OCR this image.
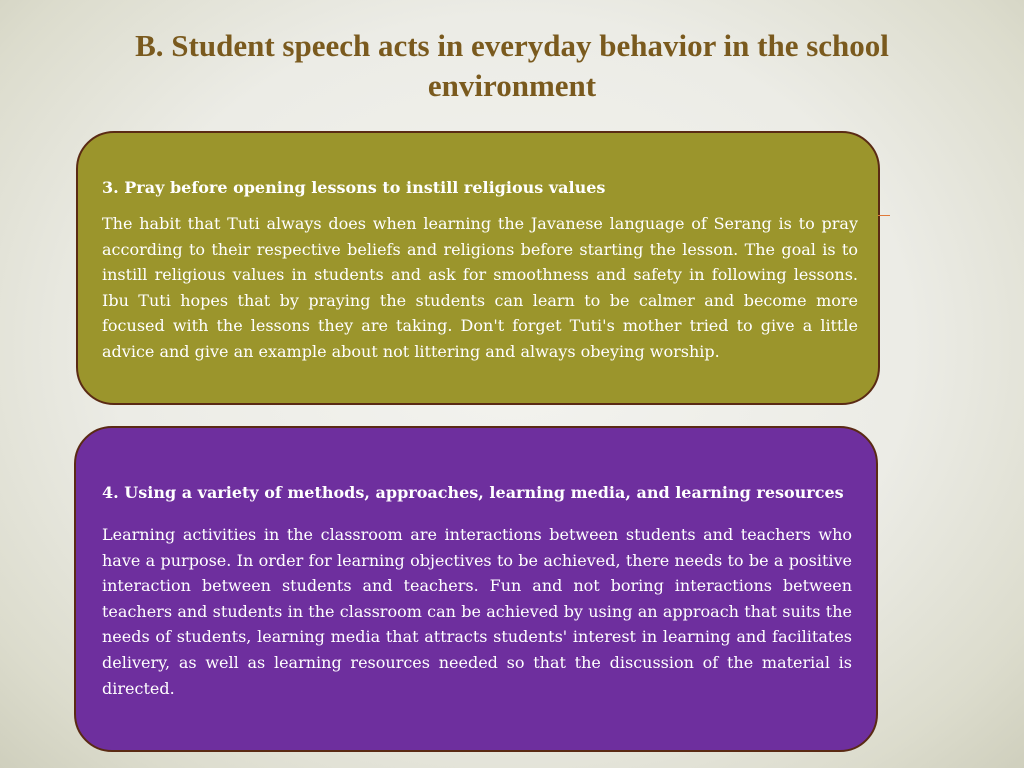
B. Student speech acts in everyday behavior in the school environment
3. Pray before opening lessons to instill religious values

The habit that Tuti always does when learning the Javanese language of Serang is to pray according to their respective beliefs and religions before starting the lesson. The goal is to instill religious values in students and ask for smoothness and safety in following lessons. Ibu Tuti hopes that by praying the students can learn to be calmer and become more focused with the lessons they are taking. Don't forget Tuti's mother tried to give a little advice and give an example about not littering and always obeying worship.

4. Using a variety of methods, approaches, learning media, and learning resources

Learning activities in the classroom are interactions between students and teachers who have a purpose. In order for learning objectives to be achieved, there needs to be a positive interaction between students and teachers. Fun and not boring interactions between teachers and students in the classroom can be achieved by using an approach that suits the needs of students, learning media that attracts students' interest in learning and facilitates delivery, as well as learning resources needed so that the discussion of the material is directed.
